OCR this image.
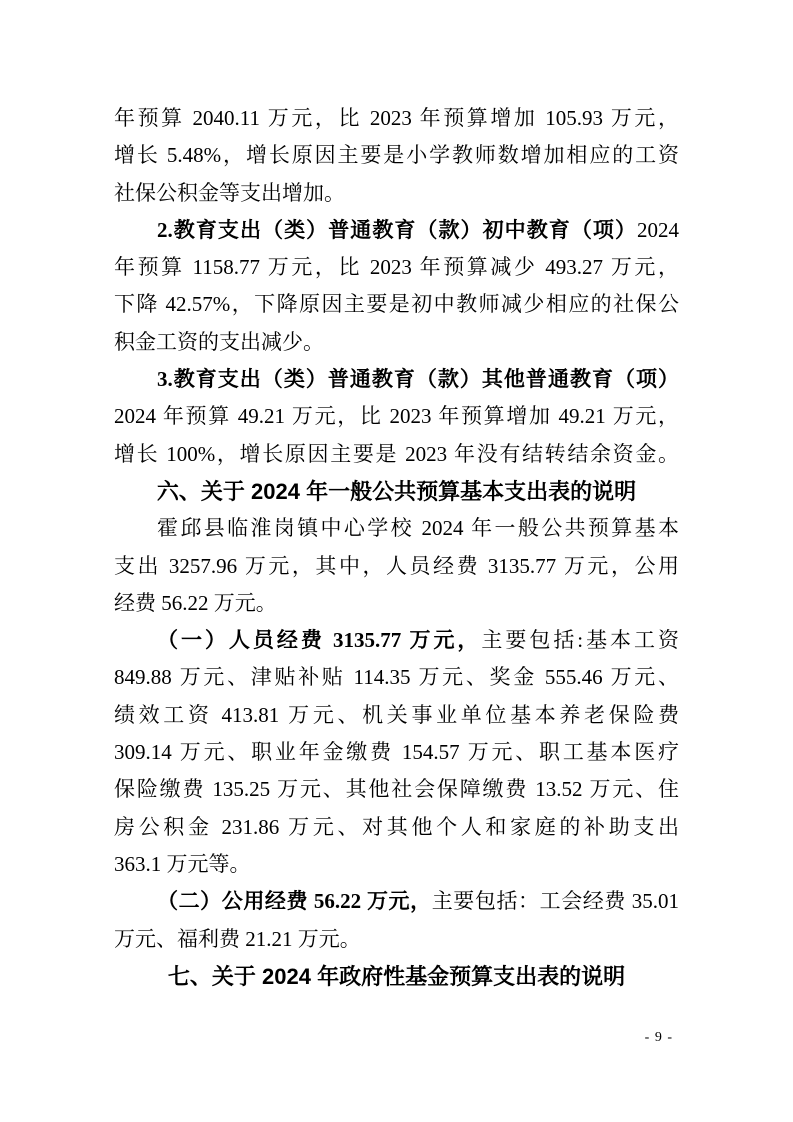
年预算 2040.11 万元，比 2023 年预算增加 105.93 万元，
增长 5.48%，增长原因主要是小学教师数增加相应的工资
社保公积金等支出增加。
2.教育支出（类）普通教育（款）初中教育（项）2024
年预算 1158.77 万元，比 2023 年预算减少 493.27 万元，
下降 42.57%，下降原因主要是初中教师减少相应的社保公
积金工资的支出减少。
3.教育支出（类）普通教育（款）其他普通教育（项）
2024 年预算 49.21 万元，比 2023 年预算增加 49.21 万元，
增长 100%，增长原因主要是 2023 年没有结转结余资金。
六、关于 2024 年一般公共预算基本支出表的说明
霍邱县临淮岗镇中心学校 2024 年一般公共预算基本
支出 3257.96 万元，其中，人员经费 3135.77 万元，公用
经费 56.22 万元。
（一）人员经费 3135.77 万元，主要包括:基本工资
849.88 万元、津贴补贴 114.35 万元、奖金 555.46 万元、
绩效工资 413.81 万元、机关事业单位基本养老保险费
309.14 万元、职业年金缴费 154.57 万元、职工基本医疗
保险缴费 135.25 万元、其他社会保障缴费 13.52 万元、住
房公积金 231.86 万元、对其他个人和家庭的补助支出
363.1 万元等。
（二）公用经费 56.22 万元，主要包括：工会经费 35.01
万元、福利费 21.21 万元。
七、关于 2024 年政府性基金预算支出表的说明
- 9 -
